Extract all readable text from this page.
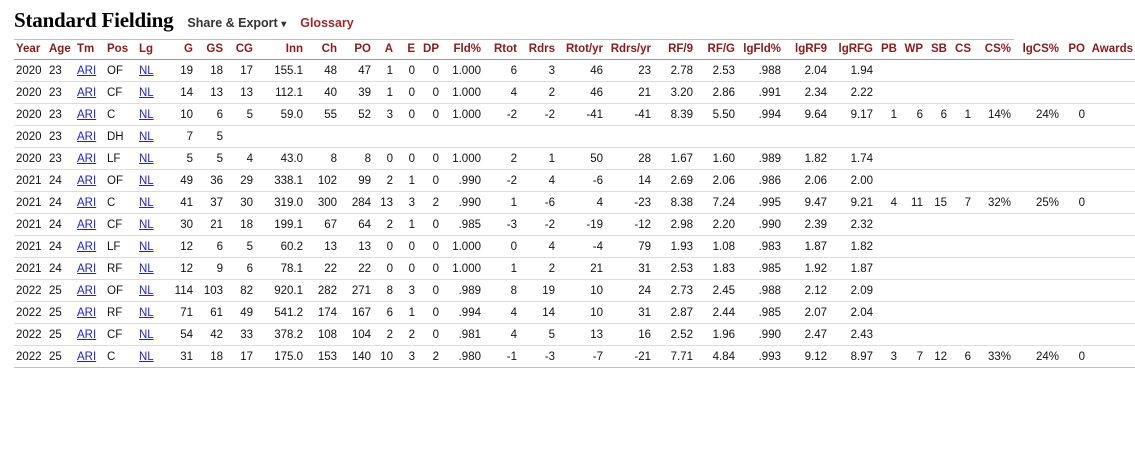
Standard Fielding Share & Export ▾ Glossary
Year	Age	Tm	Pos	Lg	G	GS	CG	Inn	Ch	PO	A	E	DP	Fld%	Rtot	Rdrs	Rtot/yr	Rdrs/yr	RF/9	RF/G	lgFld%	lgRF9	lgRFG	PB	WP	SB	CS	CS%	lgCS%	PO	Awards
2020	23	ARI	OF	NL	19	18	17	155.1	48	47	1	0	0	1.000	6	3	46	23	2.78	2.53	.988	2.04	1.94								
2020	23	ARI	CF	NL	14	13	13	112.1	40	39	1	0	0	1.000	4	2	46	21	3.20	2.86	.991	2.34	2.22								
2020	23	ARI	C	NL	10	6	5	59.0	55	52	3	0	0	1.000	-2	-2	-41	-41	8.39	5.50	.994	9.64	9.17	1	6	6	1	14%	24%	0	
2020	23	ARI	DH	NL	7	5																									
2020	23	ARI	LF	NL	5	5	4	43.0	8	8	0	0	0	1.000	2	1	50	28	1.67	1.60	.989	1.82	1.74								
2021	24	ARI	OF	NL	49	36	29	338.1	102	99	2	1	0	.990	-2	4	-6	14	2.69	2.06	.986	2.06	2.00								
2021	24	ARI	C	NL	41	37	30	319.0	300	284	13	3	2	.990	1	-6	4	-23	8.38	7.24	.995	9.47	9.21	4	11	15	7	32%	25%	0	
2021	24	ARI	CF	NL	30	21	18	199.1	67	64	2	1	0	.985	-3	-2	-19	-12	2.98	2.20	.990	2.39	2.32								
2021	24	ARI	LF	NL	12	6	5	60.2	13	13	0	0	0	1.000	0	4	-4	79	1.93	1.08	.983	1.87	1.82								
2021	24	ARI	RF	NL	12	9	6	78.1	22	22	0	0	0	1.000	1	2	21	31	2.53	1.83	.985	1.92	1.87								
2022	25	ARI	OF	NL	114	103	82	920.1	282	271	8	3	0	.989	8	19	10	24	2.73	2.45	.988	2.12	2.09								
2022	25	ARI	RF	NL	71	61	49	541.2	174	167	6	1	0	.994	4	14	10	31	2.87	2.44	.985	2.07	2.04								
2022	25	ARI	CF	NL	54	42	33	378.2	108	104	2	2	0	.981	4	5	13	16	2.52	1.96	.990	2.47	2.43								
2022	25	ARI	C	NL	31	18	17	175.0	153	140	10	3	2	.980	-1	-3	-7	-21	7.71	4.84	.993	9.12	8.97	3	7	12	6	33%	24%	0	
